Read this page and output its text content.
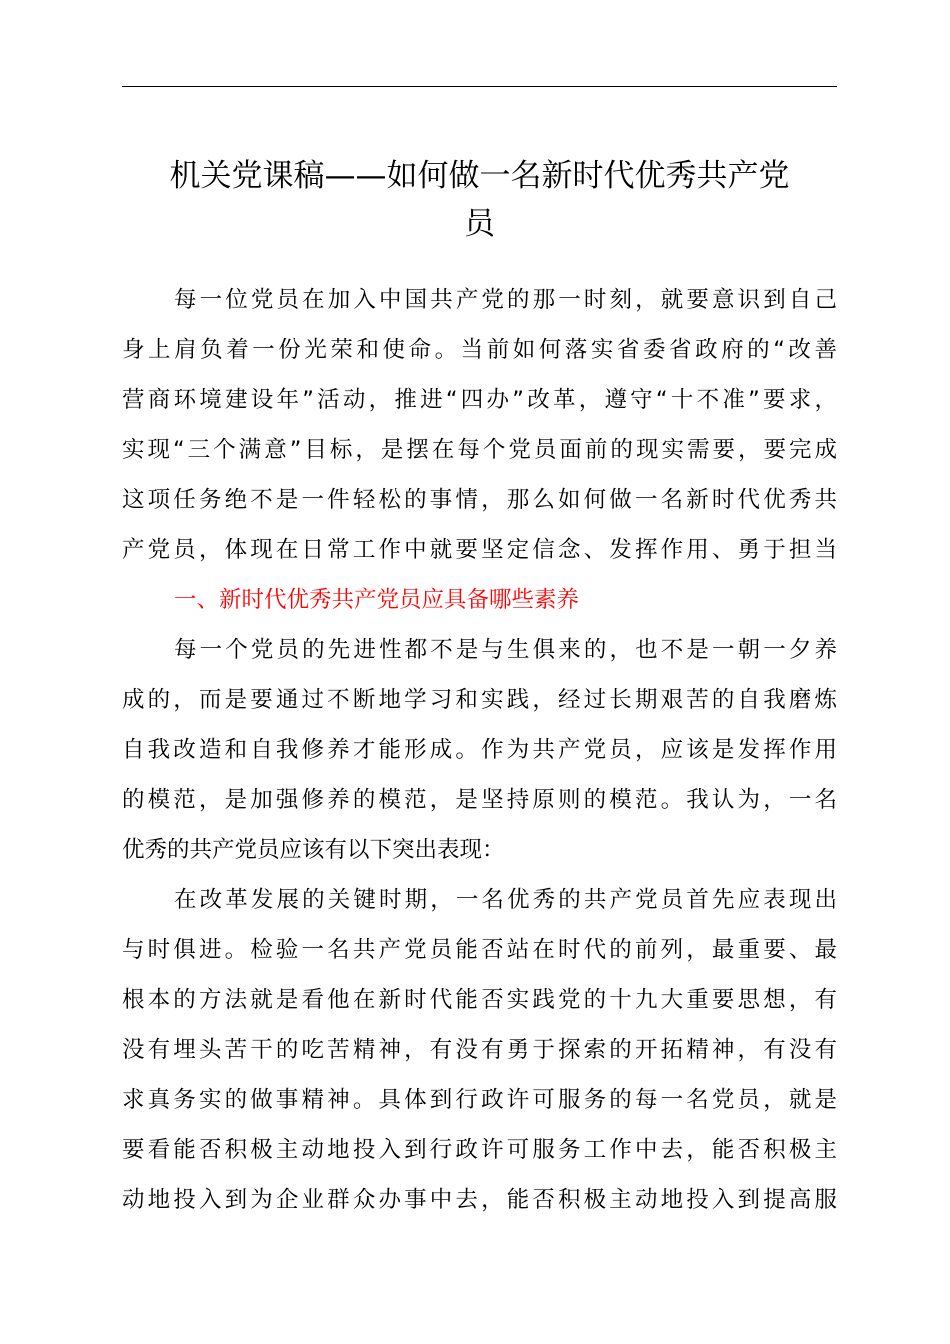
机关党课稿——如何做一名新时代优秀共产党
员
每一位党员在加入中国共产党的那一时刻，就要意识到自己
身上肩负着一份光荣和使命。当前如何落实省委省政府的“改善
营商环境建设年”活动，推进“四办”改革，遵守“十不准”要求，
实现“三个满意”目标，是摆在每个党员面前的现实需要，要完成
这项任务绝不是一件轻松的事情，那么如何做一名新时代优秀共
产党员，体现在日常工作中就要坚定信念、发挥作用、勇于担当
一、新时代优秀共产党员应具备哪些素养
每一个党员的先进性都不是与生俱来的，也不是一朝一夕养
成的，而是要通过不断地学习和实践，经过长期艰苦的自我磨炼
自我改造和自我修养才能形成。作为共产党员，应该是发挥作用
的模范，是加强修养的模范，是坚持原则的模范。我认为，一名
优秀的共产党员应该有以下突出表现：
在改革发展的关键时期，一名优秀的共产党员首先应表现出
与时俱进。检验一名共产党员能否站在时代的前列，最重要、最
根本的方法就是看他在新时代能否实践党的十九大重要思想，有
没有埋头苦干的吃苦精神，有没有勇于探索的开拓精神，有没有
求真务实的做事精神。具体到行政许可服务的每一名党员，就是
要看能否积极主动地投入到行政许可服务工作中去，能否积极主
动地投入到为企业群众办事中去，能否积极主动地投入到提高服
